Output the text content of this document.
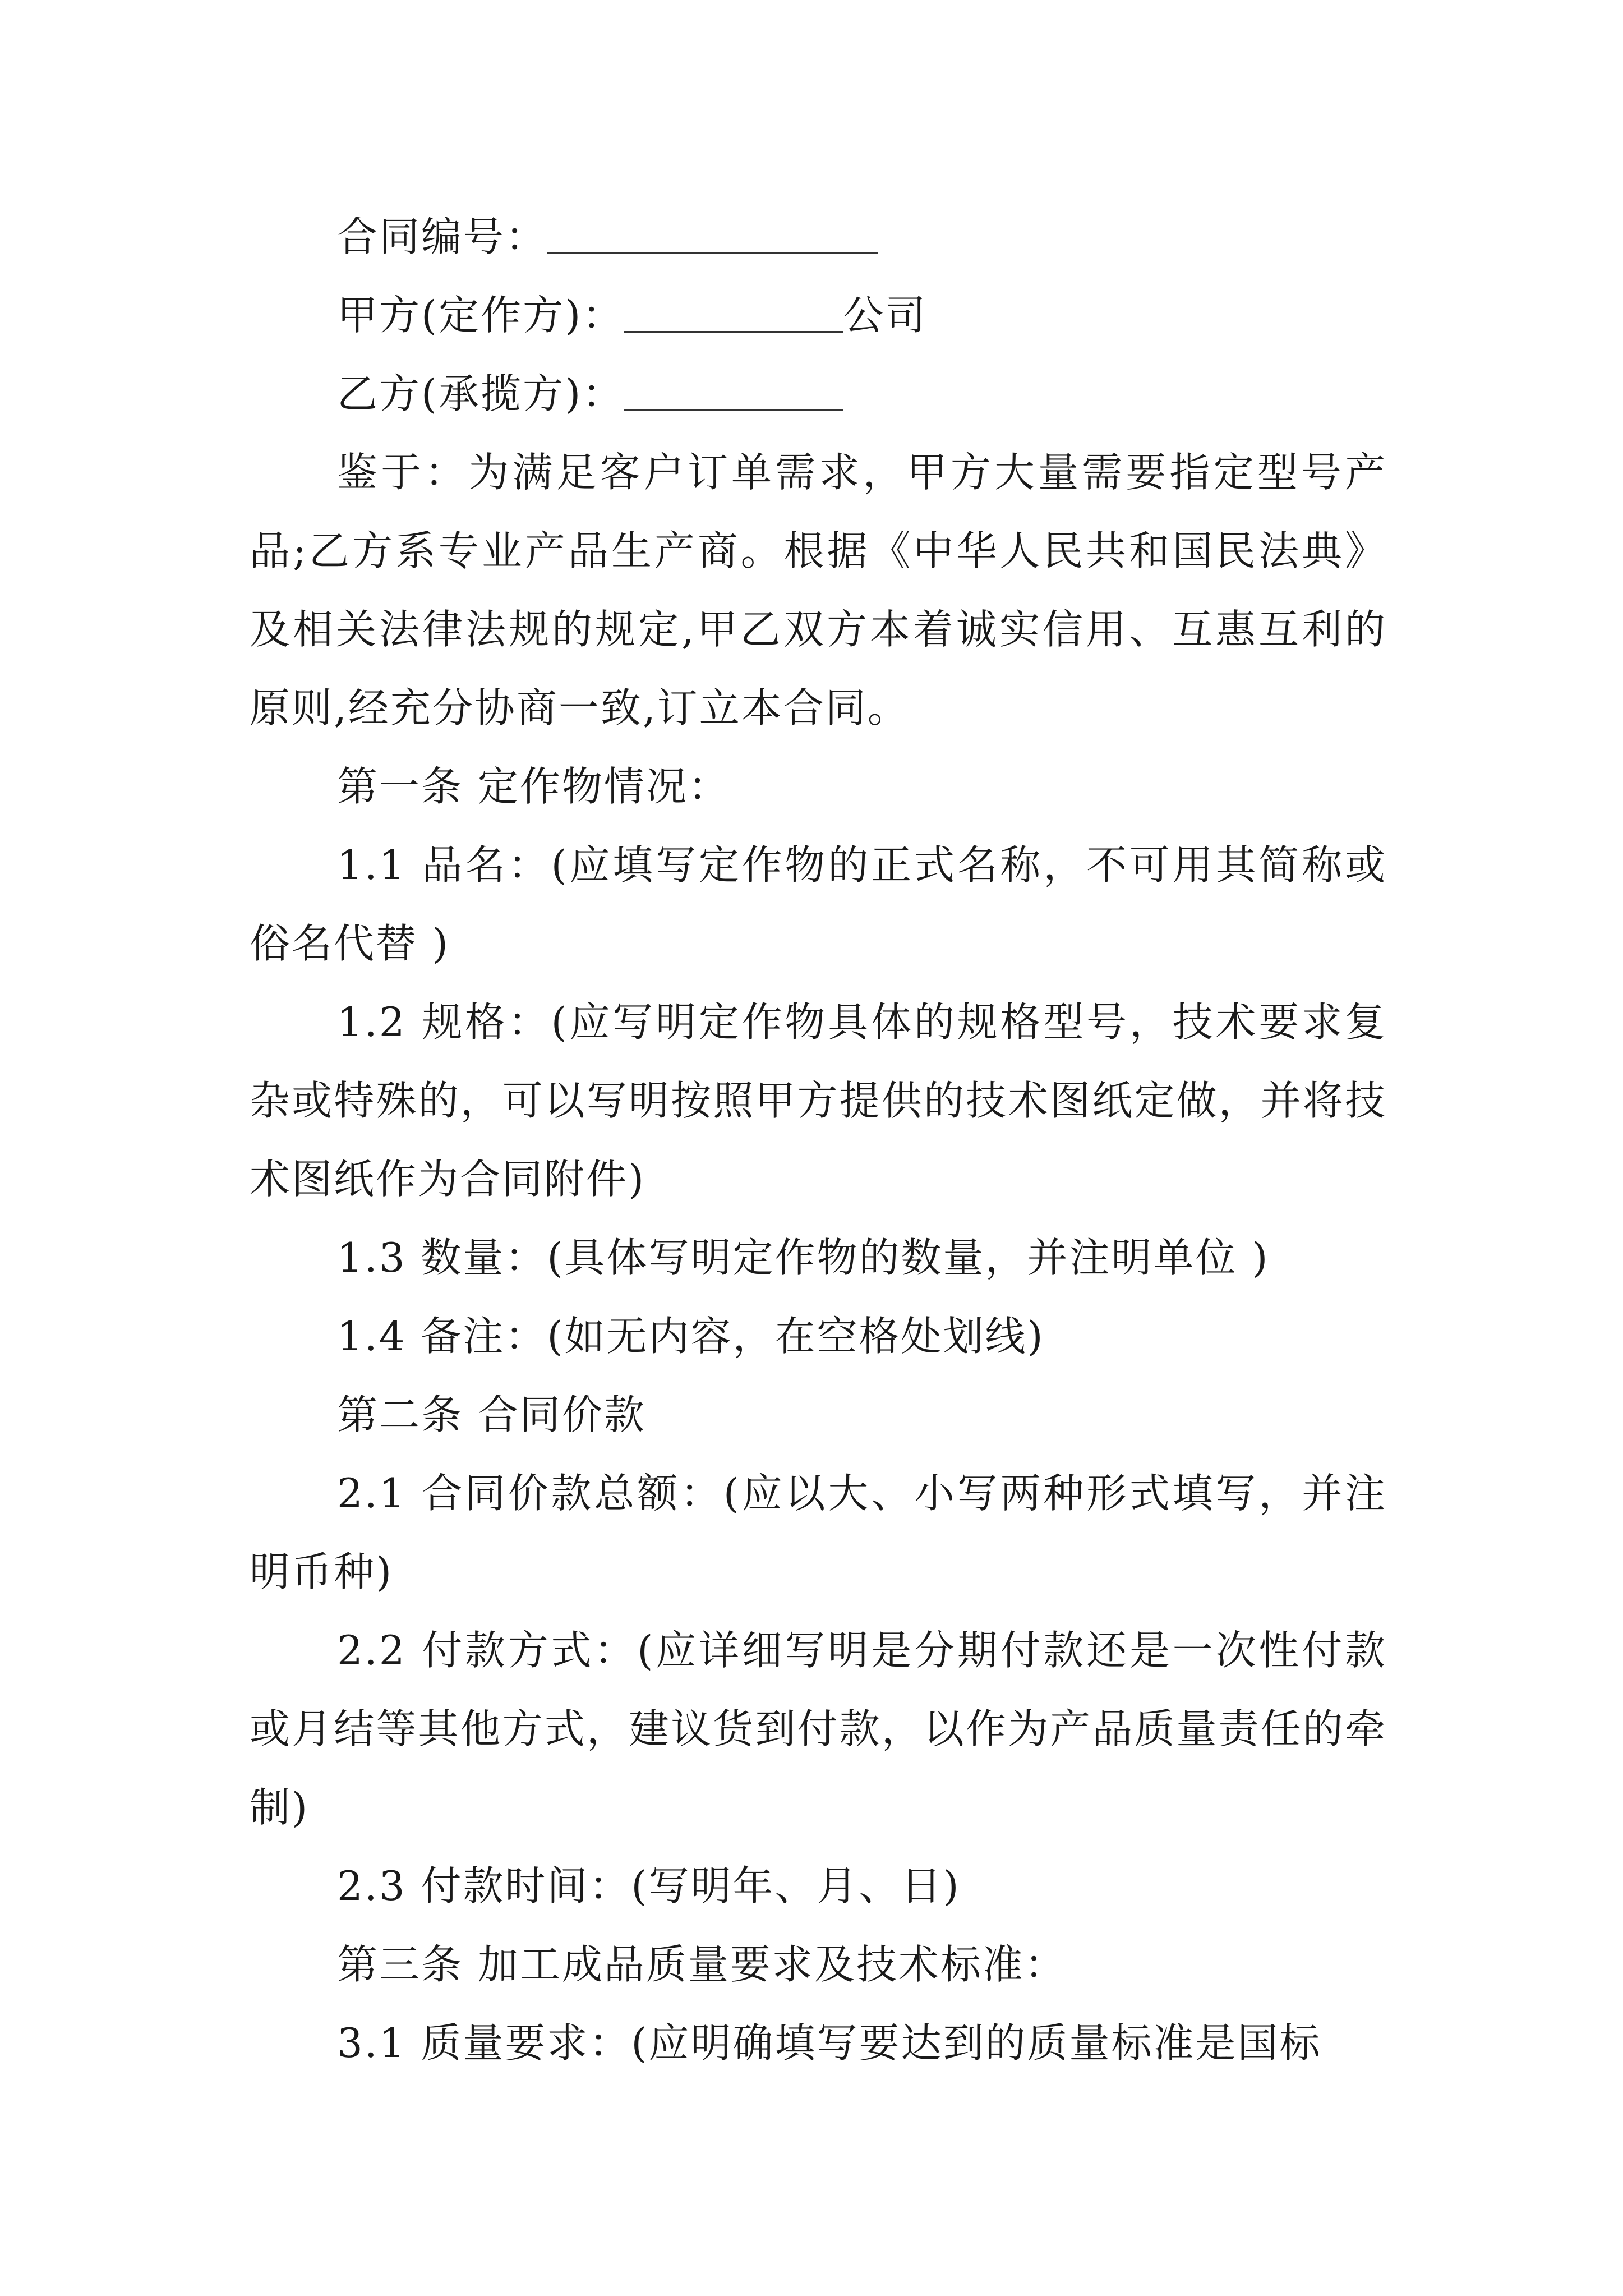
合同编号：

甲方(定作方)：	公司

乙方(承揽方)：

鉴于：为满足客户订单需求，甲方大量需要指定型号产品;乙方系专业产品生产商。根据《中华人民共和国民法典》及相关法律法规的规定,甲乙双方本着诚实信用、互惠互利的原则,经充分协商一致,订立本合同。

第一条 定作物情况：

1.1 品名：(应填写定作物的正式名称，不可用其简称或俗名代替 )

1.2 规格：(应写明定作物具体的规格型号，技术要求复杂或特殊的，可以写明按照甲方提供的技术图纸定做，并将技术图纸作为合同附件)

1.3 数量：(具体写明定作物的数量，并注明单位 )

1.4 备注：(如无内容，在空格处划线)

第二条 合同价款

2.1 合同价款总额：(应以大、小写两种形式填写，并注明币种)

2.2 付款方式：(应详细写明是分期付款还是一次性付款或月结等其他方式，建议货到付款，以作为产品质量责任的牵制)

2.3 付款时间：(写明年、月、日)

第三条 加工成品质量要求及技术标准：

3.1 质量要求：(应明确填写要达到的质量标准是国标
